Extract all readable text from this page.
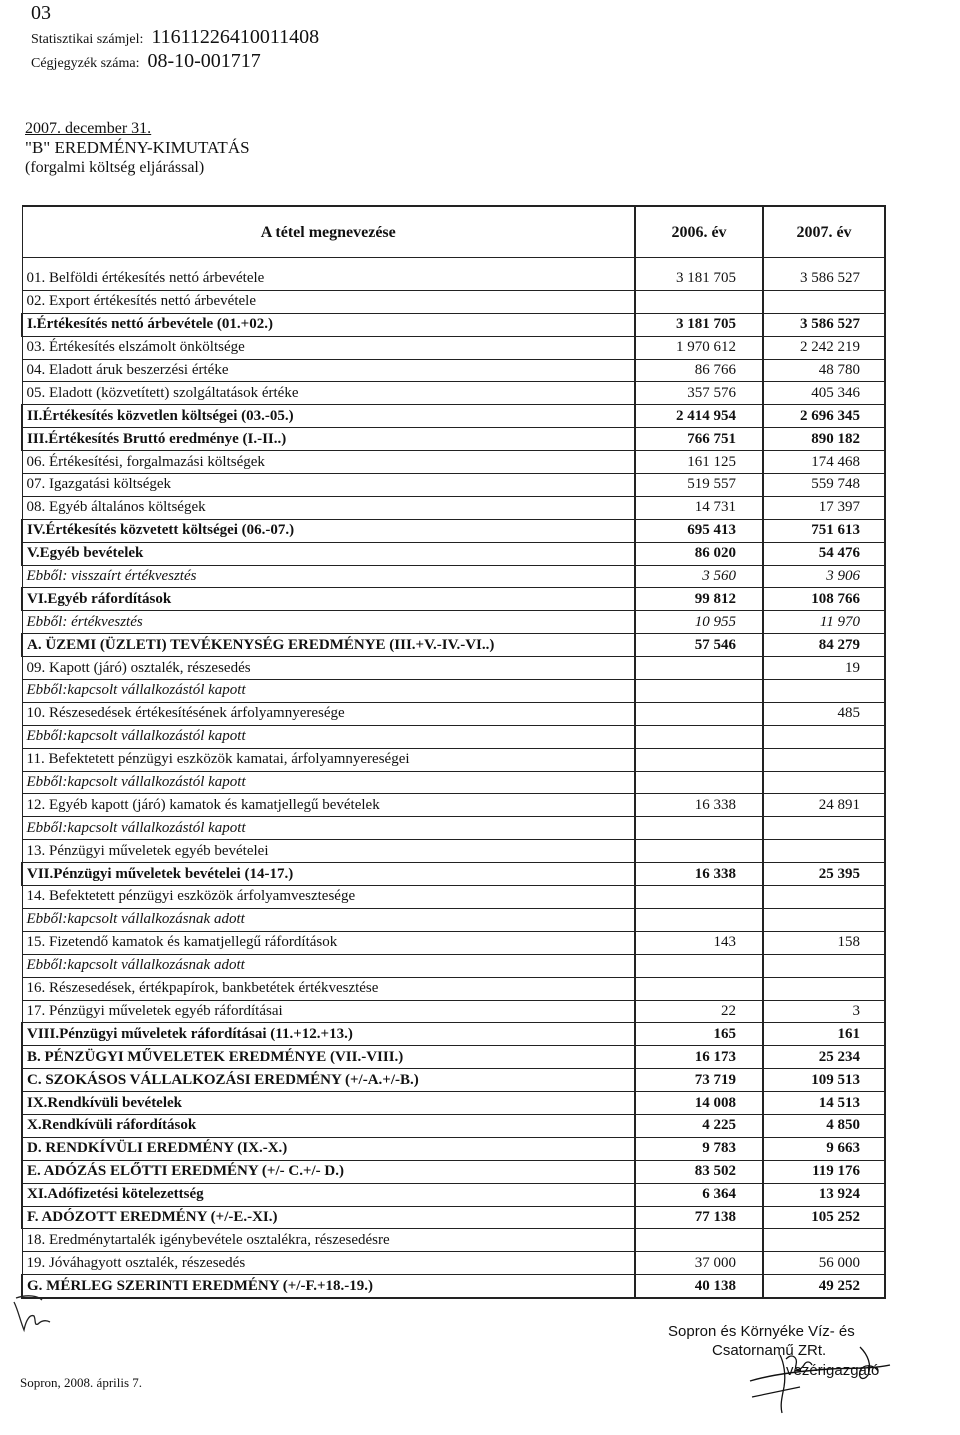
03
Statisztikai számjel: 11611226410011408
Cégjegyzék száma: 08-10-001717
2007. december 31.
"B" EREDMÉNY-KIMUTATÁS
(forgalmi költség eljárással)
A tétel megnevezése	2006. év	2007. év

01. Belföldi értékesítés nettó árbevétele	3 181 705	3 586 527
02. Export értékesítés nettó árbevétele		
I.Értékesítés nettó árbevétele (01.+02.)	3 181 705	3 586 527
03. Értékesítés elszámolt önköltsége	1 970 612	2 242 219
04. Eladott áruk beszerzési értéke	86 766	48 780
05. Eladott (közvetített) szolgáltatások értéke	357 576	405 346
II.Értékesítés közvetlen költségei (03.-05.)	2 414 954	2 696 345
III.Értékesítés Bruttó eredménye (I.-II..)	766 751	890 182
06. Értékesítési, forgalmazási költségek	161 125	174 468
07. Igazgatási költségek	519 557	559 748
08. Egyéb általános költségek	14 731	17 397
IV.Értékesítés közvetett költségei (06.-07.)	695 413	751 613
V.Egyéb bevételek	86 020	54 476
Ebből: visszaírt értékvesztés	3 560	3 906
VI.Egyéb ráfordítások	99 812	108 766
Ebből: értékvesztés	10 955	11 970
A. ÜZEMI (ÜZLETI) TEVÉKENYSÉG EREDMÉNYE (III.+V.-IV.-VI..)	57 546	84 279
09. Kapott (járó) osztalék, részesedés		19
Ebből:kapcsolt vállalkozástól kapott		
10. Részesedések értékesítésének árfolyamnyeresége		485
Ebből:kapcsolt vállalkozástól kapott		
11. Befektetett pénzügyi eszközök kamatai, árfolyamnyereségei		
Ebből:kapcsolt vállalkozástól kapott		
12. Egyéb kapott (járó) kamatok és kamatjellegű bevételek	16 338	24 891
Ebből:kapcsolt vállalkozástól kapott		
13. Pénzügyi műveletek egyéb bevételei		
VII.Pénzügyi műveletek bevételei (14-17.)	16 338	25 395
14. Befektetett pénzügyi eszközök árfolyamvesztesége		
Ebből:kapcsolt vállalkozásnak adott		
15. Fizetendő kamatok és kamatjellegű ráfordítások	143	158
Ebből:kapcsolt vállalkozásnak adott		
16. Részesedések, értékpapírok, bankbetétek értékvesztése		
17. Pénzügyi műveletek egyéb ráfordításai	22	3
VIII.Pénzügyi műveletek ráfordításai (11.+12.+13.)	165	161
B. PÉNZÜGYI MŰVELETEK EREDMÉNYE (VII.-VIII.)	16 173	25 234
C. SZOKÁSOS VÁLLALKOZÁSI EREDMÉNY (+/-A.+/-B.)	73 719	109 513
IX.Rendkívüli bevételek	14 008	14 513
X.Rendkívüli ráfordítások	4 225	4 850
D. RENDKÍVÜLI EREDMÉNY (IX.-X.)	9 783	9 663
E. ADÓZÁS ELŐTTI EREDMÉNY (+/- C.+/- D.)	83 502	119 176
XI.Adófizetési kötelezettség	6 364	13 924
F. ADÓZOTT EREDMÉNY (+/-E.-XI.)	77 138	105 252
18. Eredménytartalék igénybevétele osztalékra, részesedésre		
19. Jóváhagyott osztalék, részesedés	37 000	56 000
G. MÉRLEG SZERINTI EREDMÉNY (+/-F.+18.-19.)	40 138	49 252
Sopron, 2008. április 7.
Sopron és Környéke Víz- és
Csatornamű ZRt.
vezérigazgató
